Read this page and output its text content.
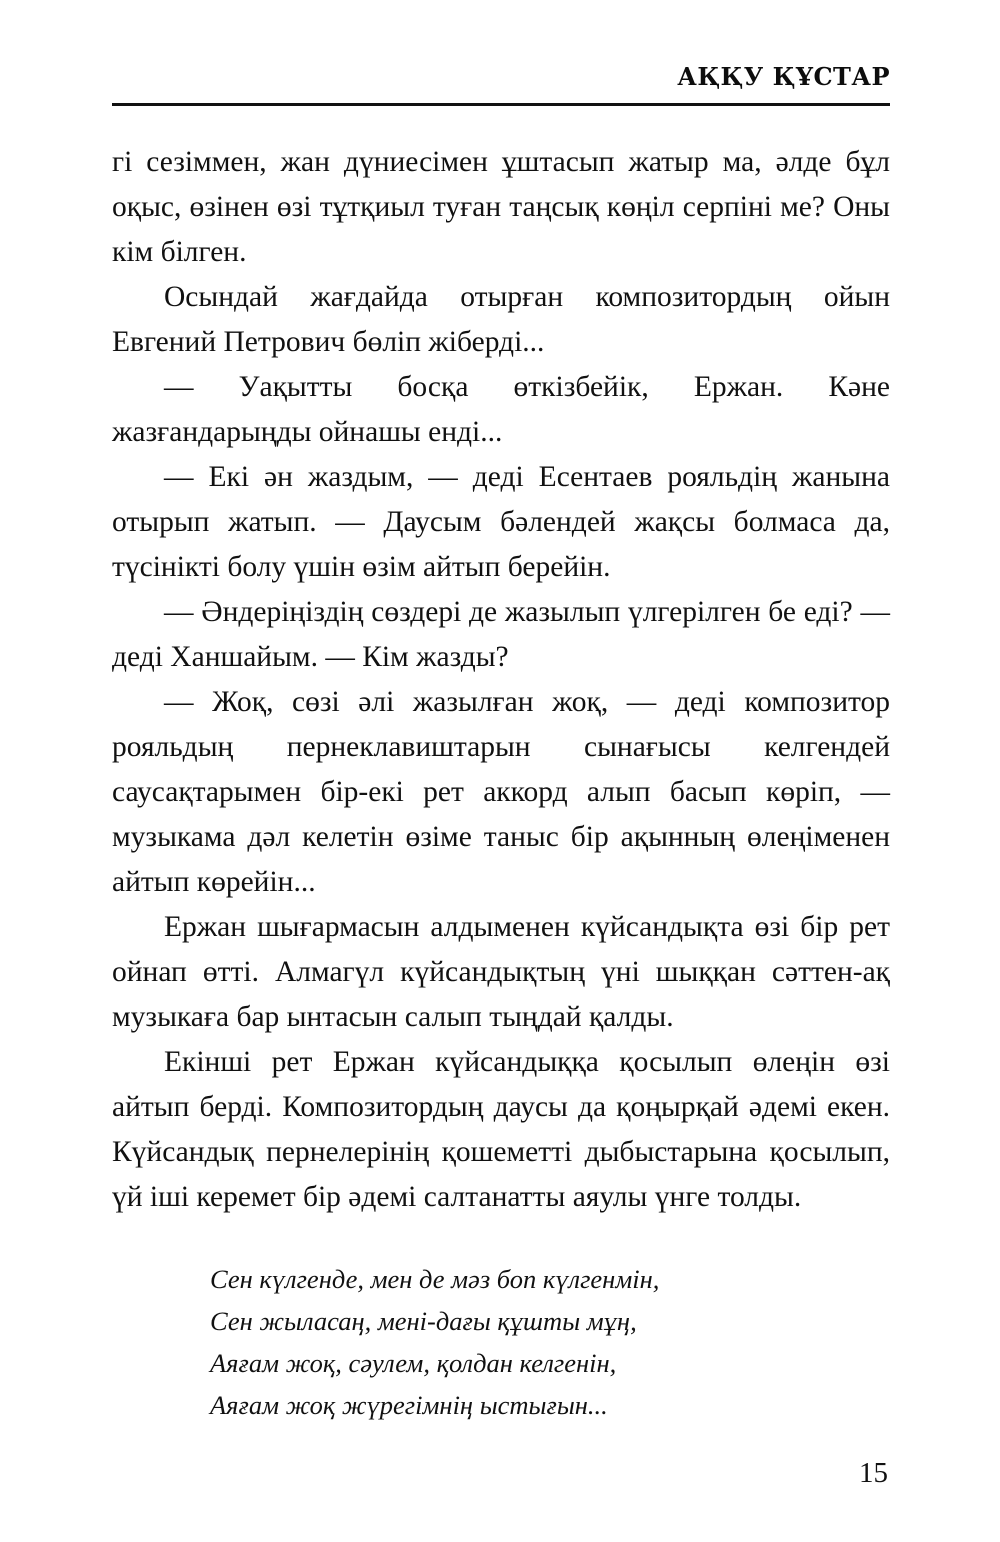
АҚҚУ ҚҰСТАР

гі сезіммен, жан дүниесімен ұштасып жатыр ма, әлде бұл оқыс, өзінен өзі тұтқиыл туған таңсық көңіл серпіні ме? Оны кім білген.

Осындай жағдайда отырған композитордың ойын Евгений Петрович бөліп жіберді...

— Уақытты босқа өткізбейік, Ержан. Кәне жазғандарыңды ойнашы енді...

— Екі ән жаздым, — деді Есентаев рояльдің жанына отырып жатып. — Даусым бәлендей жақсы болмаса да, түсінікті болу үшін өзім айтып берейін.

— Әндеріңіздің сөздері де жазылып үлгерілген бе еді? — деді Ханшайым. — Кім жазды?

— Жоқ, сөзі әлі жазылған жоқ, — деді композитор рояльдың пернеклавиштарын сынағысы келгендей саусақтарымен бір-екі рет аккорд алып басып көріп, — музыкама дәл келетін өзіме таныс бір ақынның өлеңіменен айтып көрейін...

Ержан шығармасын алдыменен күйсандықта өзі бір рет ойнап өтті. Алмагүл күйсандықтың үні шыққан сәттен-ақ музыкаға бар ынтасын салып тыңдай қалды.

Екінші рет Ержан күйсандыққа қосылып өлеңін өзі айтып берді. Композитордың даусы да қоңырқай әдемі екен. Күйсандық пернелерінің қошеметті дыбыстарына қосылып, үй іші керемет бір әдемі салтанатты аяулы үнге толды.

Сен күлгенде, мен де мәз боп күлгенмін,
Сен жыласаң, мені-дағы құшты мұң,
Аяғам жоқ, сәулем, қолдан келгенін,
Аяғам жоқ жүрегімнің ыстығын...
15
